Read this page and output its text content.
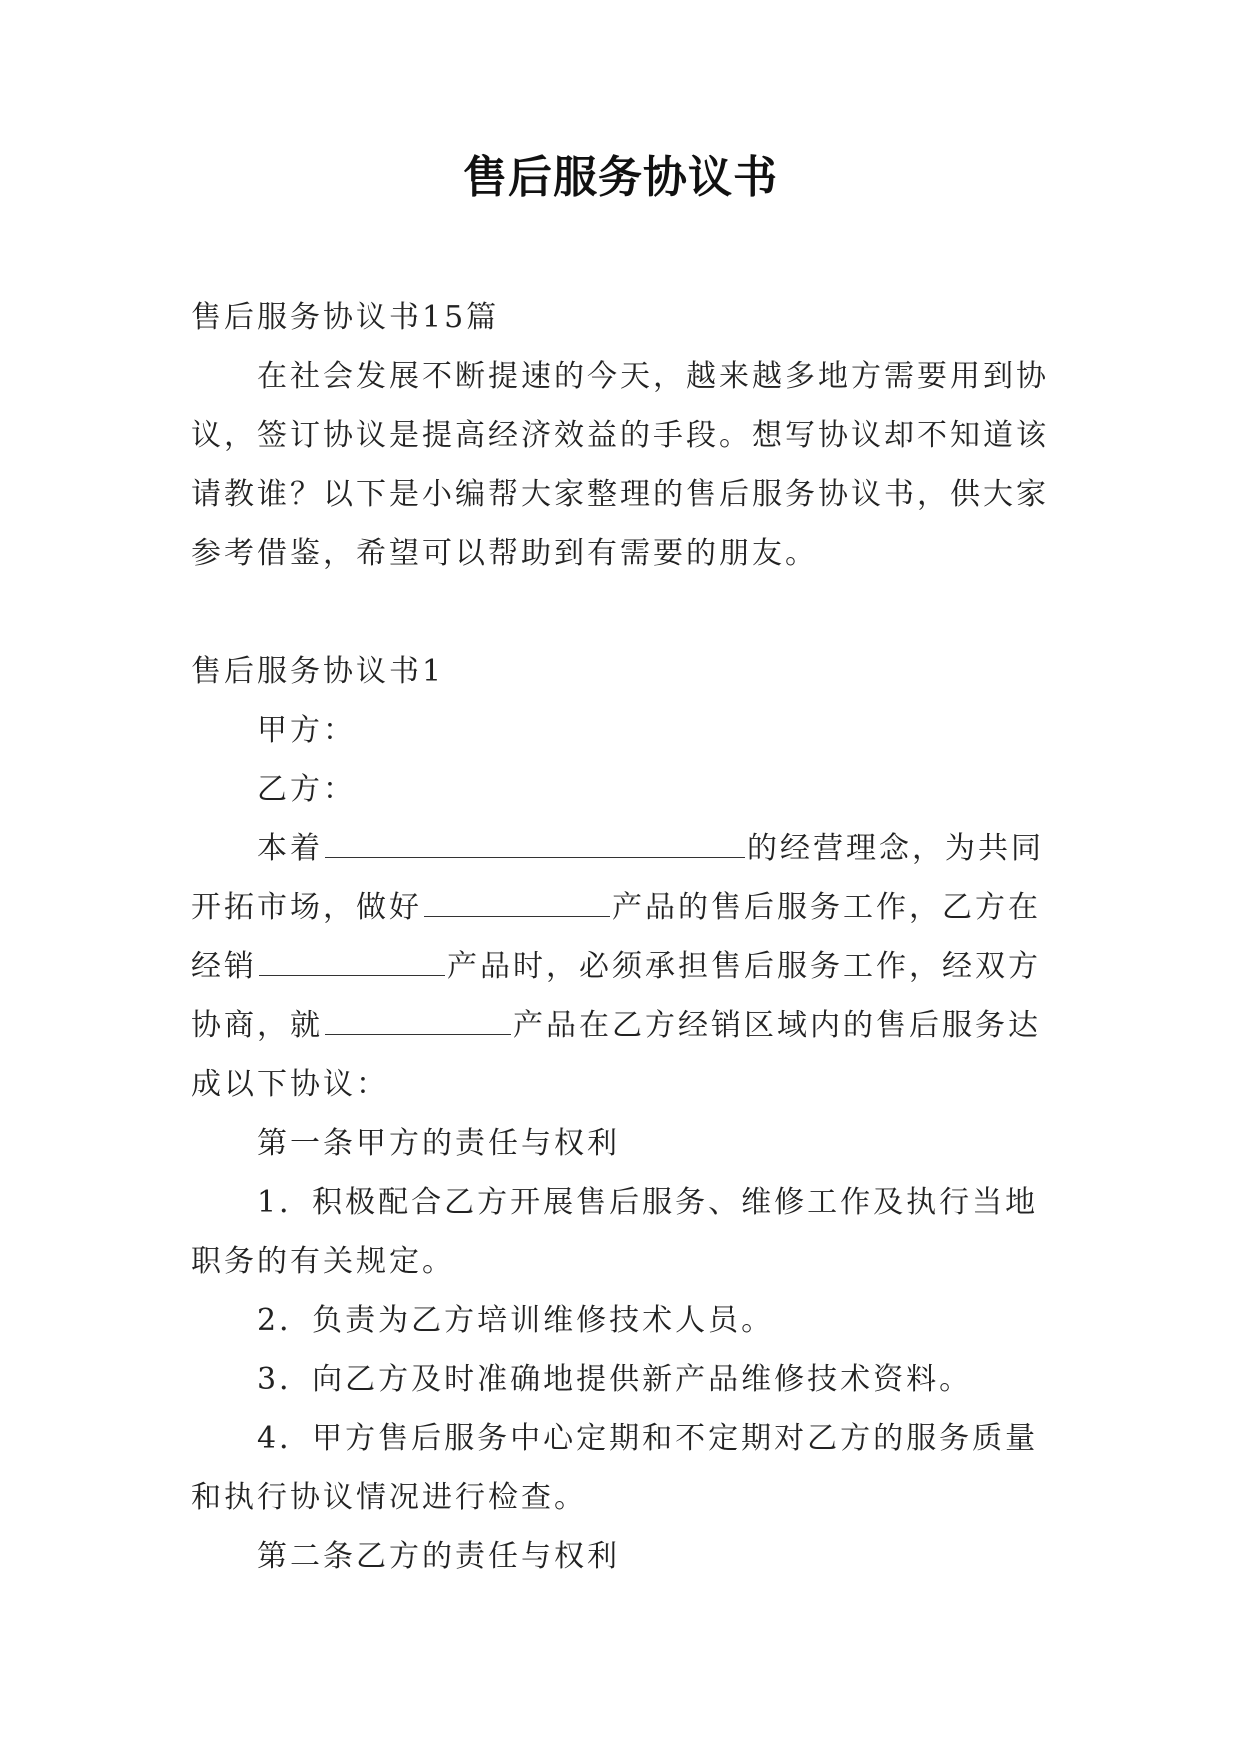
售后服务协议书
售后服务协议书15篇
在社会发展不断提速的今天，越来越多地方需要用到协
议，签订协议是提高经济效益的手段。想写协议却不知道该
请教谁？以下是小编帮大家整理的售后服务协议书，供大家
参考借鉴，希望可以帮助到有需要的朋友。
售后服务协议书1
甲方：
乙方：
本着	的经营理念，为共同
开拓市场，做好	产品的售后服务工作，乙方在
经销	产品时，必须承担售后服务工作，经双方
协商，就	产品在乙方经销区域内的售后服务达
成以下协议：
第一条甲方的责任与权利
1．积极配合乙方开展售后服务、维修工作及执行当地
职务的有关规定。
2．负责为乙方培训维修技术人员。
3．向乙方及时准确地提供新产品维修技术资料。
4．甲方售后服务中心定期和不定期对乙方的服务质量
和执行协议情况进行检查。
第二条乙方的责任与权利
